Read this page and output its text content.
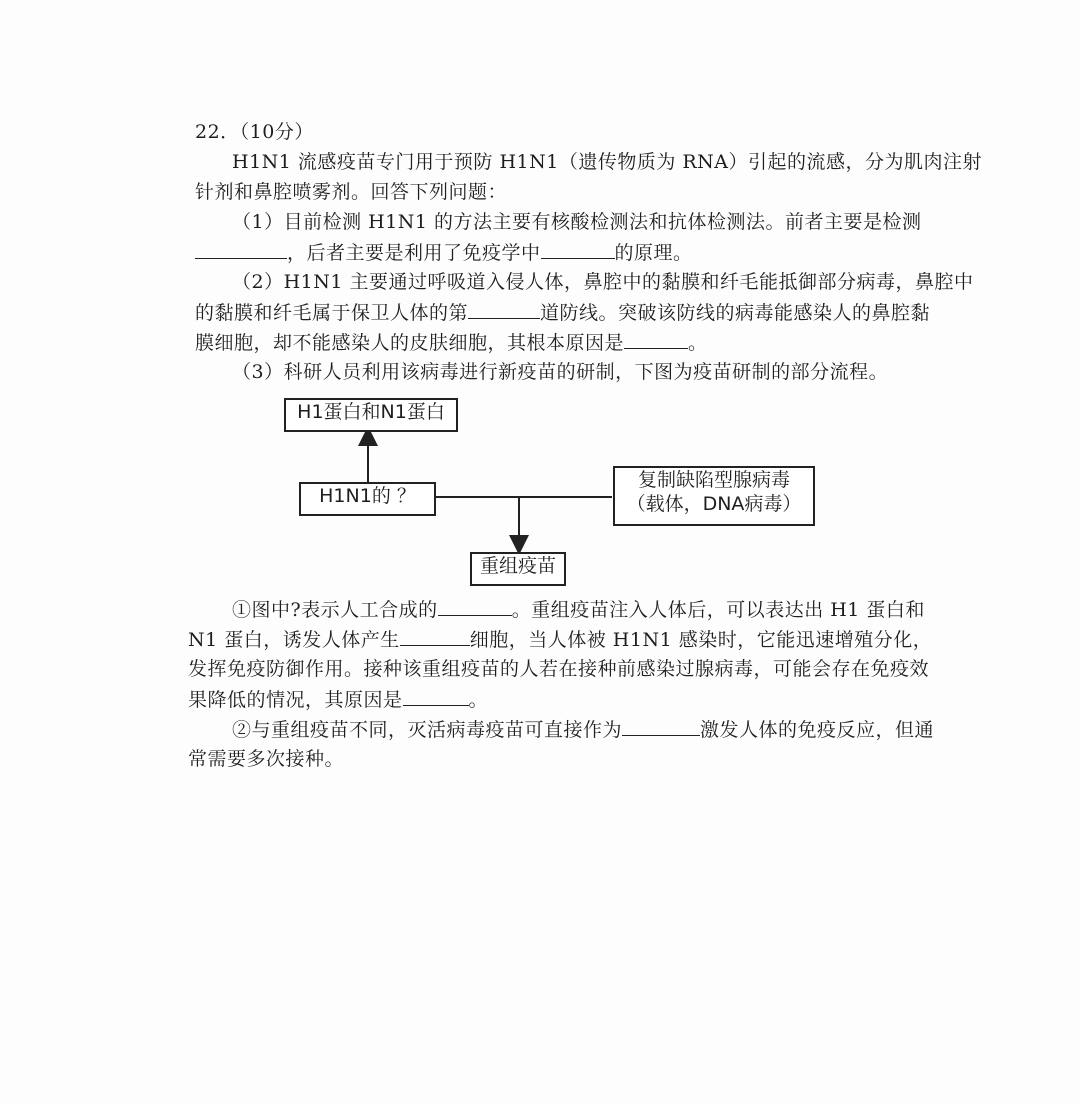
22．（10分）
H1N1 流感疫苗专门用于预防 H1N1（遗传物质为 RNA）引起的流感，分为肌肉注射
针剂和鼻腔喷雾剂。回答下列问题：
（1）目前检测 H1N1 的方法主要有核酸检测法和抗体检测法。前者主要是检测
，后者主要是利用了免疫学中	的原理。
（2）H1N1 主要通过呼吸道入侵人体，鼻腔中的黏膜和纤毛能抵御部分病毒，鼻腔中
的黏膜和纤毛属于保卫人体的第	道防线。突破该防线的病毒能感染人的鼻腔黏
膜细胞，却不能感染人的皮肤细胞，其根本原因是	。
（3）科研人员利用该病毒进行新疫苗的研制，下图为疫苗研制的部分流程。
H1蛋白和N1蛋白
H1N1的 ？
复制缺陷型腺病毒
（载体，DNA病毒）
重组疫苗
①图中?表示人工合成的	。重组疫苗注入人体后，可以表达出 H1 蛋白和
N1 蛋白，诱发人体产生	细胞，当人体被 H1N1 感染时，它能迅速增殖分化，
发挥免疫防御作用。接种该重组疫苗的人若在接种前感染过腺病毒，可能会存在免疫效
果降低的情况，其原因是	。
②与重组疫苗不同，灭活病毒疫苗可直接作为	激发人体的免疫反应，但通
常需要多次接种。
